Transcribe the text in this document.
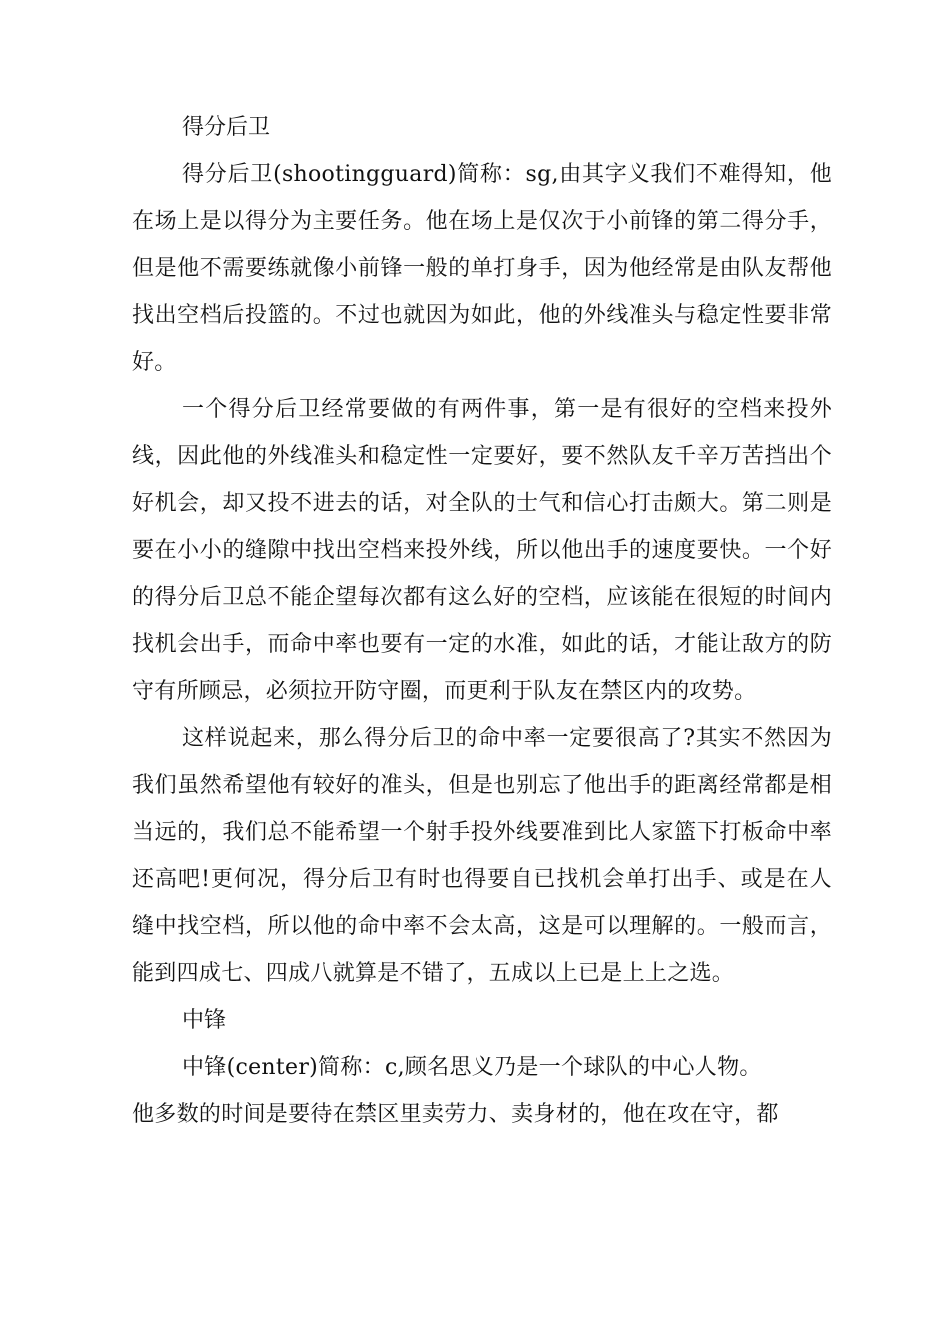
得分后卫

得分后卫(shootingguard)简称：sg,由其字义我们不难得知，他在场上是以得分为主要任务。他在场上是仅次于小前锋的第二得分手，但是他不需要练就像小前锋一般的单打身手，因为他经常是由队友帮他找出空档后投篮的。不过也就因为如此，他的外线准头与稳定性要非常好。

一个得分后卫经常要做的有两件事，第一是有很好的空档来投外线，因此他的外线准头和稳定性一定要好，要不然队友千辛万苦挡出个好机会，却又投不进去的话，对全队的士气和信心打击颇大。第二则是要在小小的缝隙中找出空档来投外线，所以他出手的速度要快。一个好的得分后卫总不能企望每次都有这么好的空档，应该能在很短的时间内找机会出手，而命中率也要有一定的水准，如此的话，才能让敌方的防守有所顾忌，必须拉开防守圈，而更利于队友在禁区内的攻势。

这样说起来，那么得分后卫的命中率一定要很高了?其实不然因为我们虽然希望他有较好的准头，但是也别忘了他出手的距离经常都是相当远的，我们总不能希望一个射手投外线要准到比人家篮下打板命中率还高吧!更何况，得分后卫有时也得要自已找机会单打出手、或是在人缝中找空档，所以他的命中率不会太高，这是可以理解的。一般而言，能到四成七、四成八就算是不错了，五成以上已是上上之选。

中锋

中锋(center)简称：c,顾名思义乃是一个球队的中心人物。

他多数的时间是要待在禁区里卖劳力、卖身材的，他在攻在守，都
